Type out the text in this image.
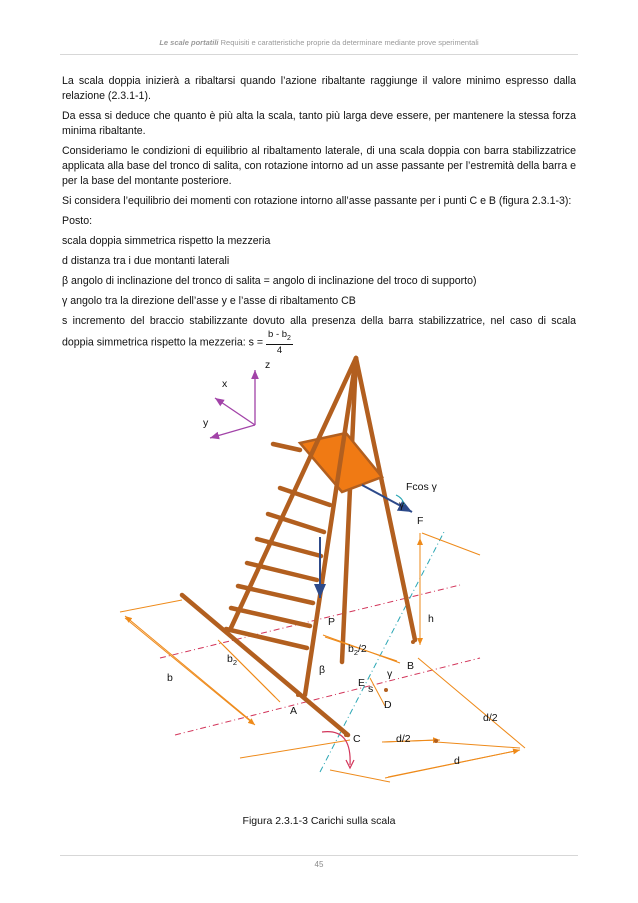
Le scale portatili Requisiti e caratteristiche proprie da determinare mediante prove sperimentali

La scala doppia inizierà a ribaltarsi quando l’azione ribaltante raggiunge il valore minimo espresso dalla relazione (2.3.1-1).

Da essa si deduce che quanto è più alta la scala, tanto più larga deve essere, per mantenere la stessa forza minima ribaltante.

Consideriamo le condizioni di equilibrio al ribaltamento laterale, di una scala doppia con barra stabilizzatrice applicata alla base del tronco di salita, con rotazione intorno ad un asse passante per l’estremità della barra e per la base del montante posteriore.

Si considera l’equilibrio dei momenti con rotazione intorno all’asse passante per i punti C e B (figura 2.3.1-3):

Posto:

scala doppia simmetrica rispetto la mezzeria

d distanza tra i due montanti laterali

β angolo di inclinazione del tronco di salita = angolo di inclinazione del troco di supporto)

γ angolo tra la direzione dell’asse y e l’asse di ribaltamento CB

s incremento del braccio stabilizzante dovuto alla presenza della barra stabilizzatrice, nel caso di scala doppia simmetrica rispetto la mezzeria: $s = \frac{b - b_2}{4}$

z
x
y
Fcos γ
γ
F
h
P
$b_2$
$b_2/2$
β	B
γ
b	E s
D
A
d/2
d/2
C
d
Figura 2.3.1-3 Carichi sulla scala
45
